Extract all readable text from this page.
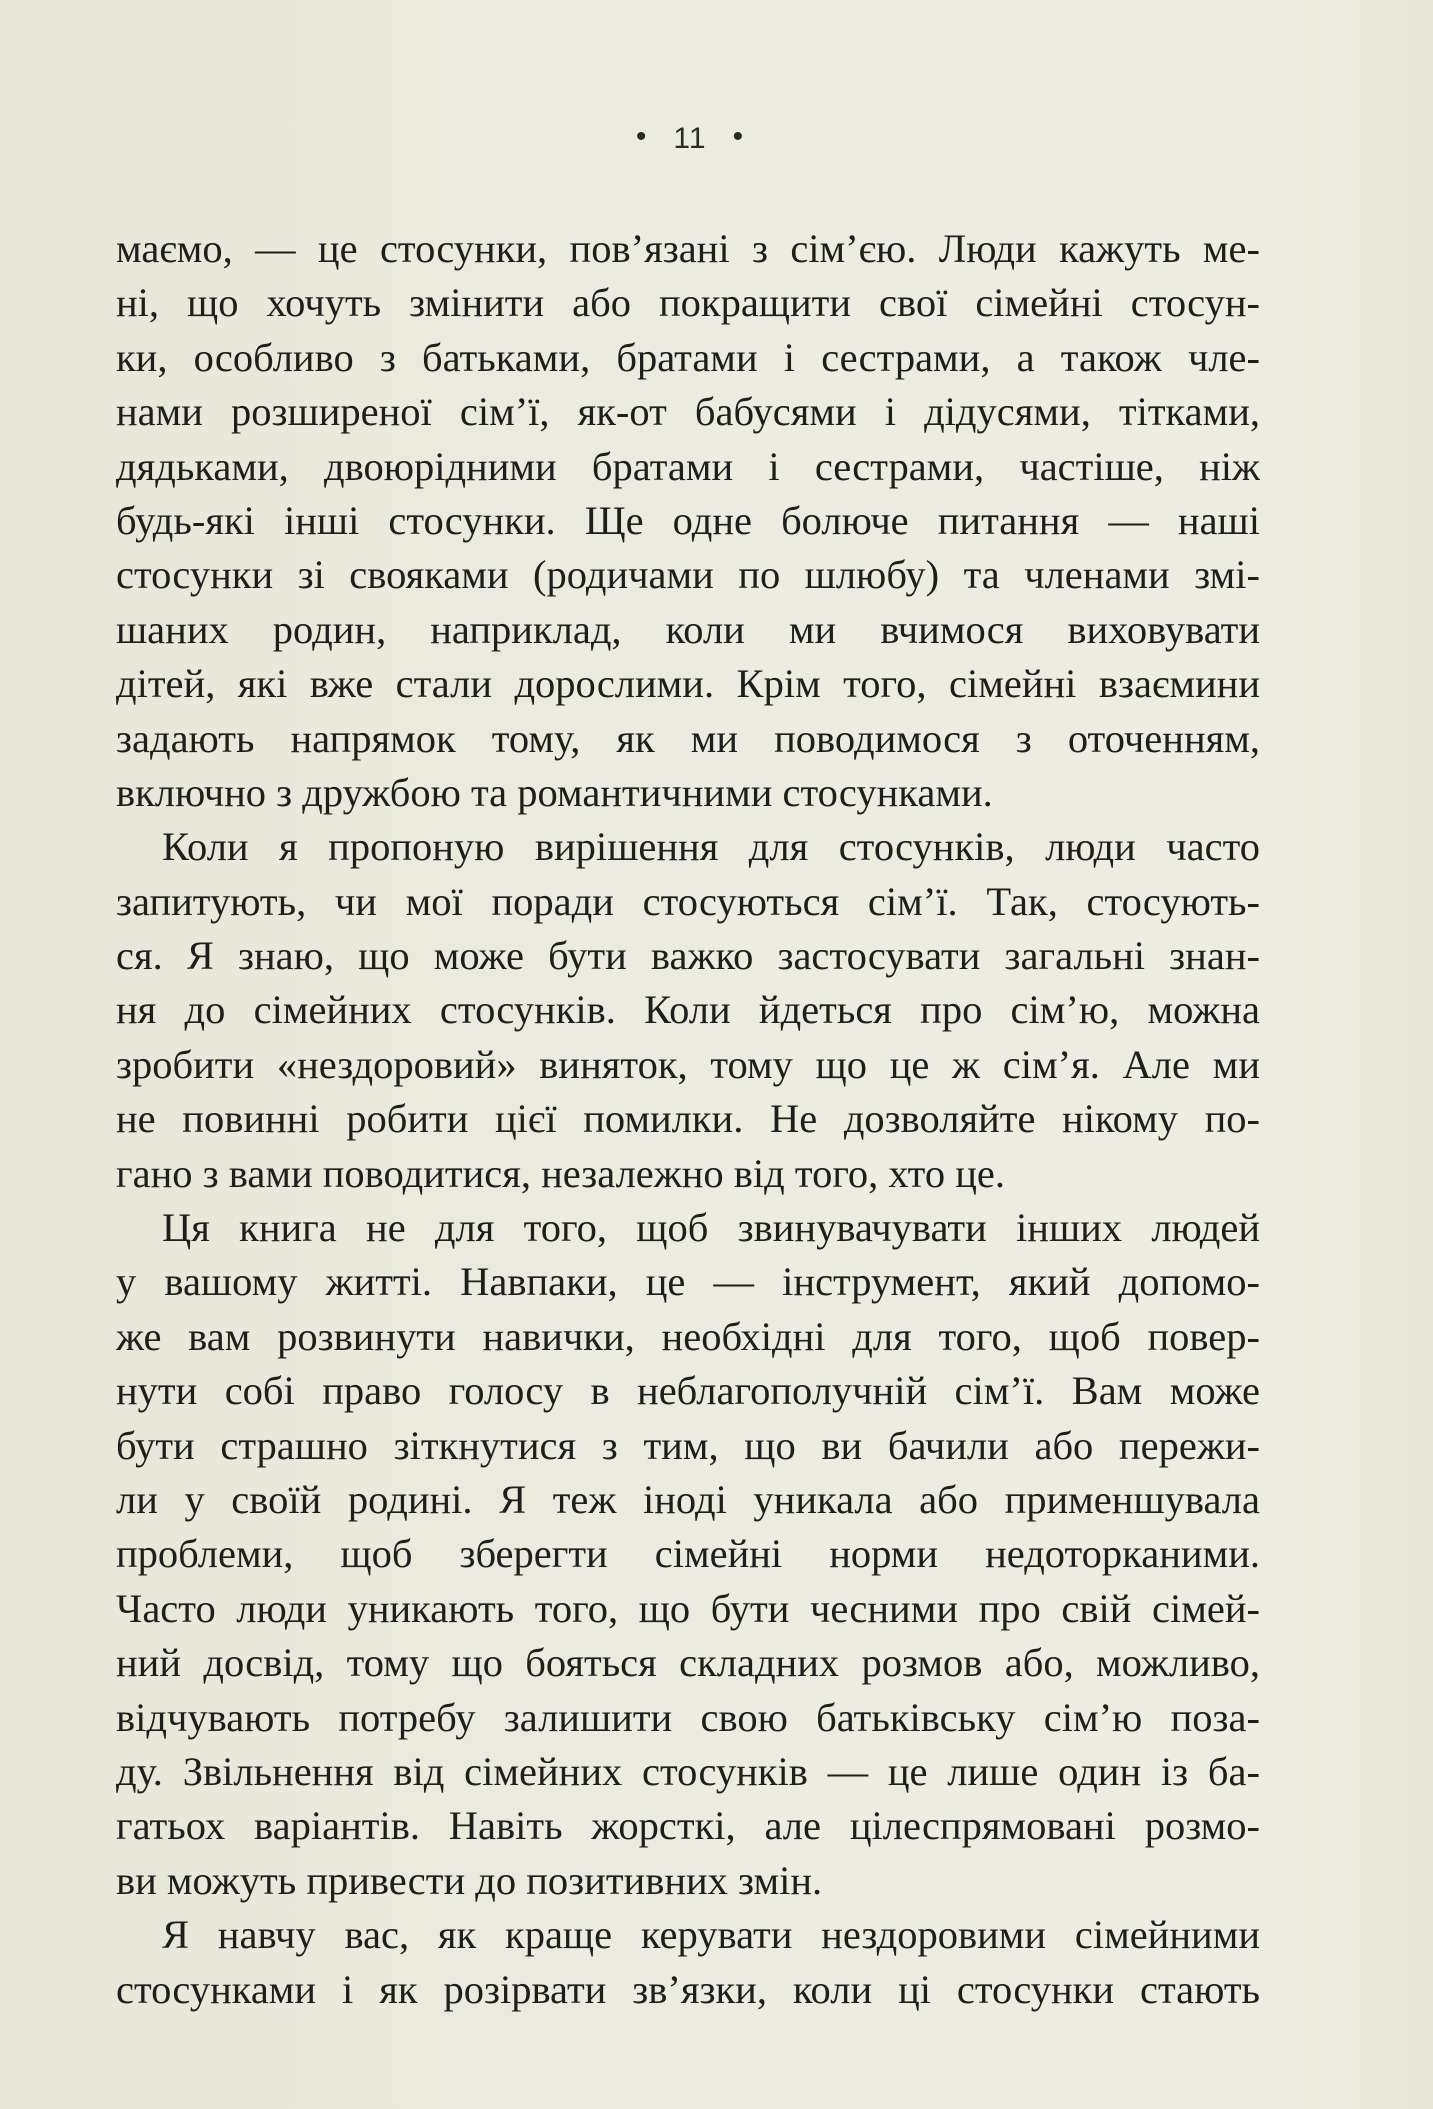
• 11 •
маємо, — це стосунки, пов’язані з сім’єю. Люди кажуть ме-
ні, що хочуть змінити або покращити свої сімейні стосун-
ки, особливо з батьками, братами і сестрами, а також чле-
нами розширеної сім’ї, як-от бабусями і дідусями, тітками,
дядьками, двоюрідними братами і сестрами, частіше, ніж
будь-які інші стосунки. Ще одне болюче питання — наші
стосунки зі свояками (родичами по шлюбу) та членами змі-
шаних родин, наприклад, коли ми вчимося виховувати
дітей, які вже стали дорослими. Крім того, сімейні взаємини
задають напрямок тому, як ми поводимося з оточенням,
включно з дружбою та романтичними стосунками.
Коли я пропоную вирішення для стосунків, люди часто
запитують, чи мої поради стосуються сім’ї. Так, стосують-
ся. Я знаю, що може бути важко застосувати загальні знан-
ня до сімейних стосунків. Коли йдеться про сім’ю, можна
зробити «нездоровий» виняток, тому що це ж сім’я. Але ми
не повинні робити цієї помилки. Не дозволяйте нікому по-
гано з вами поводитися, незалежно від того, хто це.
Ця книга не для того, щоб звинувачувати інших людей
у вашому житті. Навпаки, це — інструмент, який допомо-
же вам розвинути навички, необхідні для того, щоб повер-
нути собі право голосу в неблагополучній сім’ї. Вам може
бути страшно зіткнутися з тим, що ви бачили або пережи-
ли у своїй родині. Я теж іноді уникала або применшувала
проблеми, щоб зберегти сімейні норми недоторканими.
Часто люди уникають того, що бути чесними про свій сімей-
ний досвід, тому що бояться складних розмов або, можливо,
відчувають потребу залишити свою батьківську сім’ю поза-
ду. Звільнення від сімейних стосунків — це лише один із ба-
гатьох варіантів. Навіть жорсткі, але цілеспрямовані розмо-
ви можуть привести до позитивних змін.
Я навчу вас, як краще керувати нездоровими сімейними
стосунками і як розірвати зв’язки, коли ці стосунки стають
